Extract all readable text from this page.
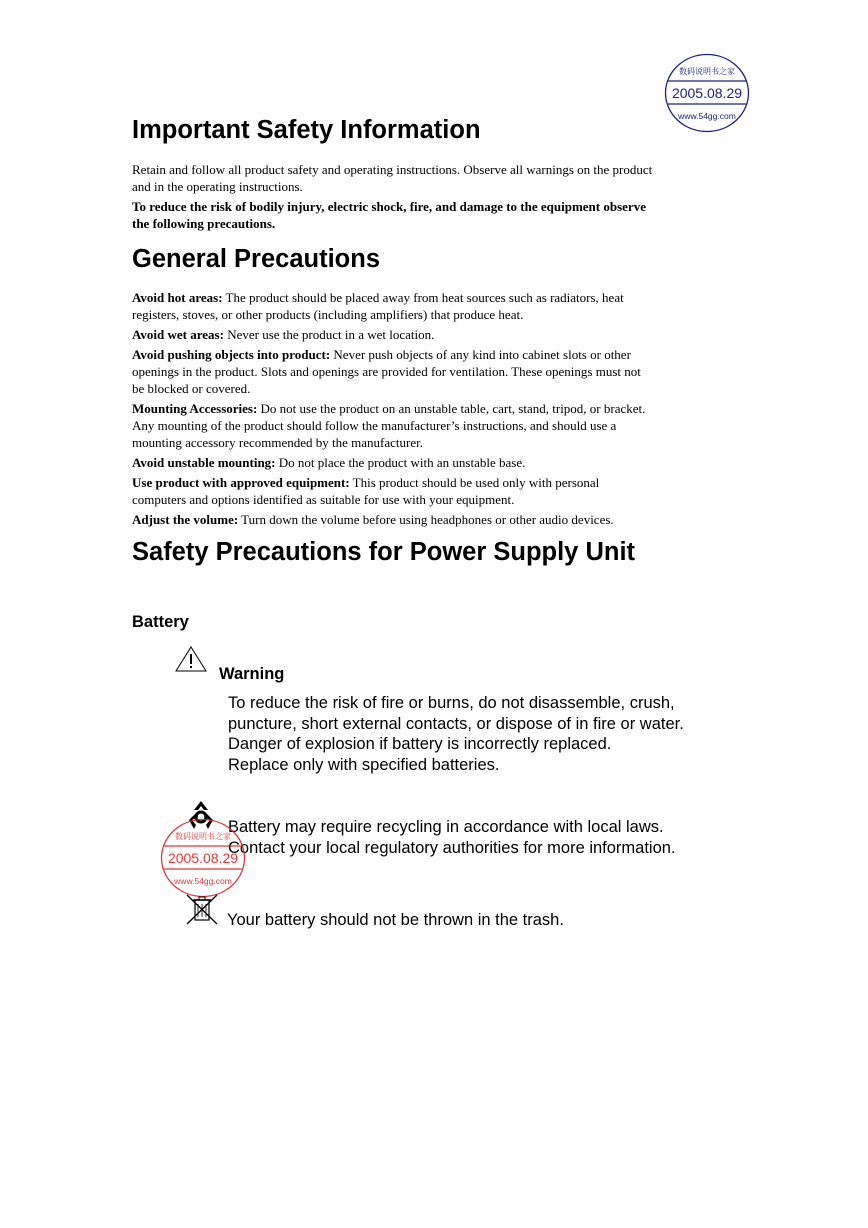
数码说明书之家
2005.08.29
www.54gg.com
Important Safety Information
Retain and follow all product safety and operating instructions. Observe all warnings on the product
and in the operating instructions.
To reduce the risk of bodily injury, electric shock, fire, and damage to the equipment observe
the following precautions.
General Precautions
Avoid hot areas: The product should be placed away from heat sources such as radiators, heat
registers, stoves, or other products (including amplifiers) that produce heat.
Avoid wet areas: Never use the product in a wet location.
Avoid pushing objects into product: Never push objects of any kind into cabinet slots or other
openings in the product. Slots and openings are provided for ventilation. These openings must not
be blocked or covered.
Mounting Accessories: Do not use the product on an unstable table, cart, stand, tripod, or bracket.
Any mounting of the product should follow the manufacturer’s instructions, and should use a
mounting accessory recommended by the manufacturer.
Avoid unstable mounting: Do not place the product with an unstable base.
Use product with approved equipment: This product should be used only with personal
computers and options identified as suitable for use with your equipment.
Adjust the volume: Turn down the volume before using headphones or other audio devices.
Safety Precautions for Power Supply Unit
Battery
Warning
To reduce the risk of fire or burns, do not disassemble, crush,
puncture, short external contacts, or dispose of in fire or water.
Danger of explosion if battery is incorrectly replaced.
Replace only with specified batteries.
Battery may require recycling in accordance with local laws.
Contact your local regulatory authorities for more information.
数码说明书之家
2005.08.29
www.54gg.com
Your battery should not be thrown in the trash.
